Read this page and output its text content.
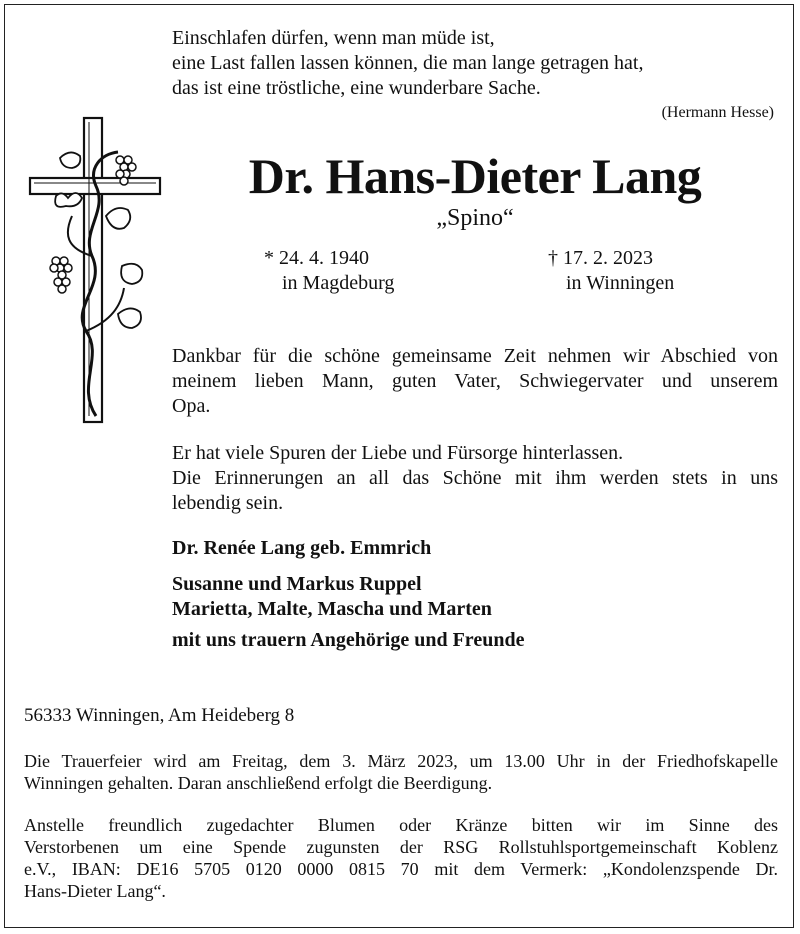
Einschlafen dürfen, wenn man müde ist,
eine Last fallen lassen können, die man lange getragen hat,
das ist eine tröstliche, eine wunderbare Sache.
(Hermann Hesse)
Dr. Hans-Dieter Lang
„Spino“
* 24. 4. 1940
in Magdeburg
† 17. 2. 2023
in Winningen
Dankbar für die schöne gemeinsame Zeit nehmen wir Abschied von
meinem lieben Mann, guten Vater, Schwiegervater und unserem
Opa.
Er hat viele Spuren der Liebe und Fürsorge hinterlassen.
Die Erinnerungen an all das Schöne mit ihm werden stets in uns
lebendig sein.
Dr. Renée Lang geb. Emmrich
Susanne und Markus Ruppel
Marietta, Malte, Mascha und Marten
mit uns trauern Angehörige und Freunde
56333 Winningen, Am Heideberg 8
Die Trauerfeier wird am Freitag, dem 3. März 2023, um 13.00 Uhr in der Friedhofskapelle
Winningen gehalten. Daran anschließend erfolgt die Beerdigung.
Anstelle freundlich zugedachter Blumen oder Kränze bitten wir im Sinne des
Verstorbenen um eine Spende zugunsten der RSG Rollstuhlsportgemeinschaft Koblenz
e.V., IBAN: DE16 5705 0120 0000 0815 70 mit dem Vermerk: „Kondolenzspende Dr.
Hans-Dieter Lang“.
